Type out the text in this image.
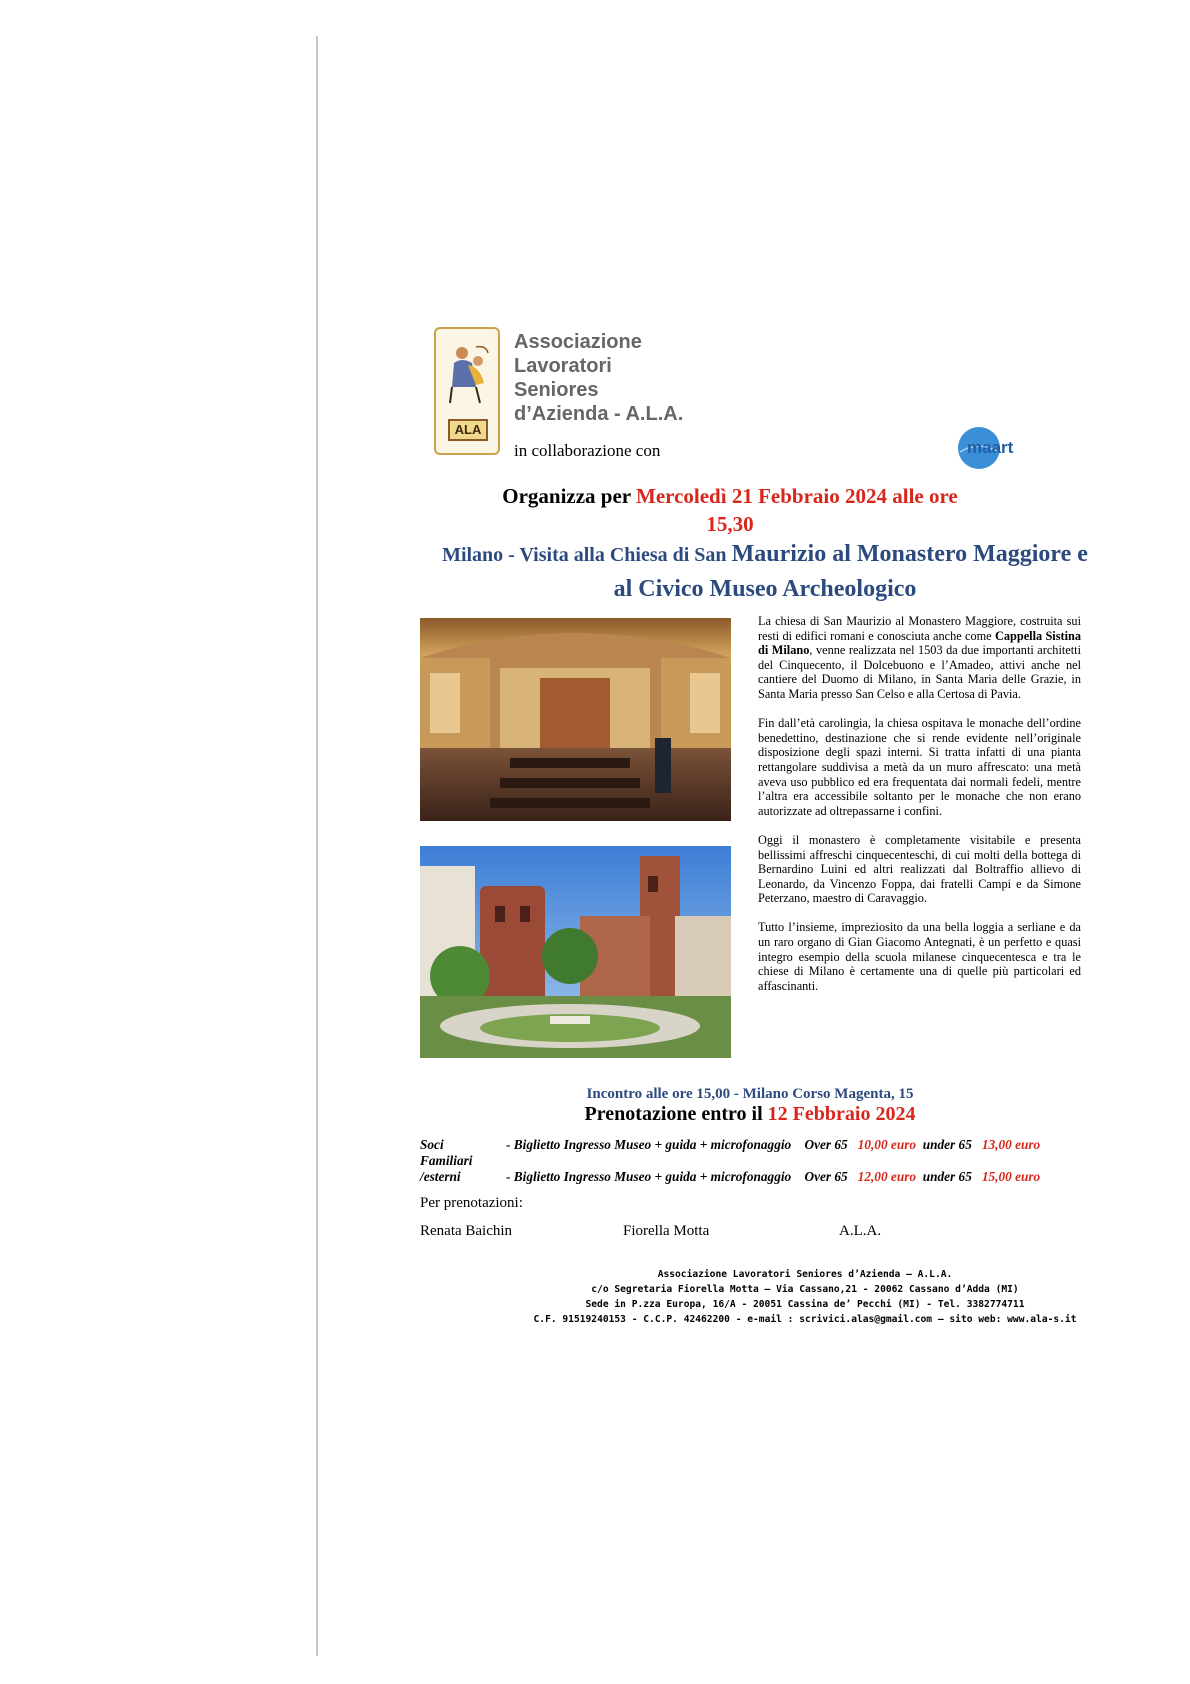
ALA
Associazione
Lavoratori
Seniores
d’Azienda - A.L.A.
in collaborazione con	maart
Organizza per Mercoledì 21 Febbraio 2024 alle ore
15,30
Milano - Visita alla Chiesa di San Maurizio al Monastero Maggiore e
al Civico Museo Archeologico

La chiesa di San Maurizio al Monastero Maggiore, costruita sui resti di edifici romani e conosciuta anche come Cappella Sistina di Milano, venne realizzata nel 1503 da due importanti architetti del Cinquecento, il Dolcebuono e l’Amadeo, attivi anche nel cantiere del Duomo di Milano, in Santa Maria delle Grazie, in Santa Maria presso San Celso e alla Certosa di Pavia.

Fin dall’età carolingia, la chiesa ospitava le monache dell’ordine benedettino, destinazione che si rende evidente nell’originale disposizione degli spazi interni. Si tratta infatti di una pianta rettangolare suddivisa a metà da un muro affrescato: una metà aveva uso pubblico ed era frequentata dai normali fedeli, mentre l’altra era accessibile soltanto per le monache che non erano autorizzate ad oltrepassarne i confini.

Oggi il monastero è completamente visitabile e presenta bellissimi affreschi cinquecenteschi, di cui molti della bottega di Bernardino Luini ed altri realizzati dal Boltraffio allievo di Leonardo, da Vincenzo Foppa, dai fratelli Campi e da Simone Peterzano, maestro di Caravaggio.

Tutto l’insieme, impreziosito da una bella loggia a serliane e da un raro organo di Gian Giacomo Antegnati, è un perfetto e quasi integro esempio della scuola milanese cinquecentesca e tra le chiese di Milano è certamente una di quelle più particolari ed affascinanti.

Incontro alle ore 15,00 - Milano Corso Magenta, 15
Prenotazione entro il 12 Febbraio 2024
Soci	- Biglietto Ingresso Museo + guida + microfonaggio Over 65 10,00 euro under 65 13,00 euro
Familiari
/esterni	- Biglietto Ingresso Museo + guida + microfonaggio Over 65 12,00 euro under 65 15,00 euro
Per prenotazioni:
Renata Baichin	Fiorella Motta	A.L.A.
Associazione Lavoratori Seniores d’Azienda – A.L.A.
c/o Segretaria Fiorella Motta – Via Cassano,21 - 20062 Cassano d’Adda (MI)
Sede in P.zza Europa, 16/A - 20051 Cassina de’ Pecchi (MI) - Tel. 3382774711
C.F. 91519240153 - C.C.P. 42462200 - e-mail : scrivici.alas@gmail.com – sito web: www.ala-s.it
